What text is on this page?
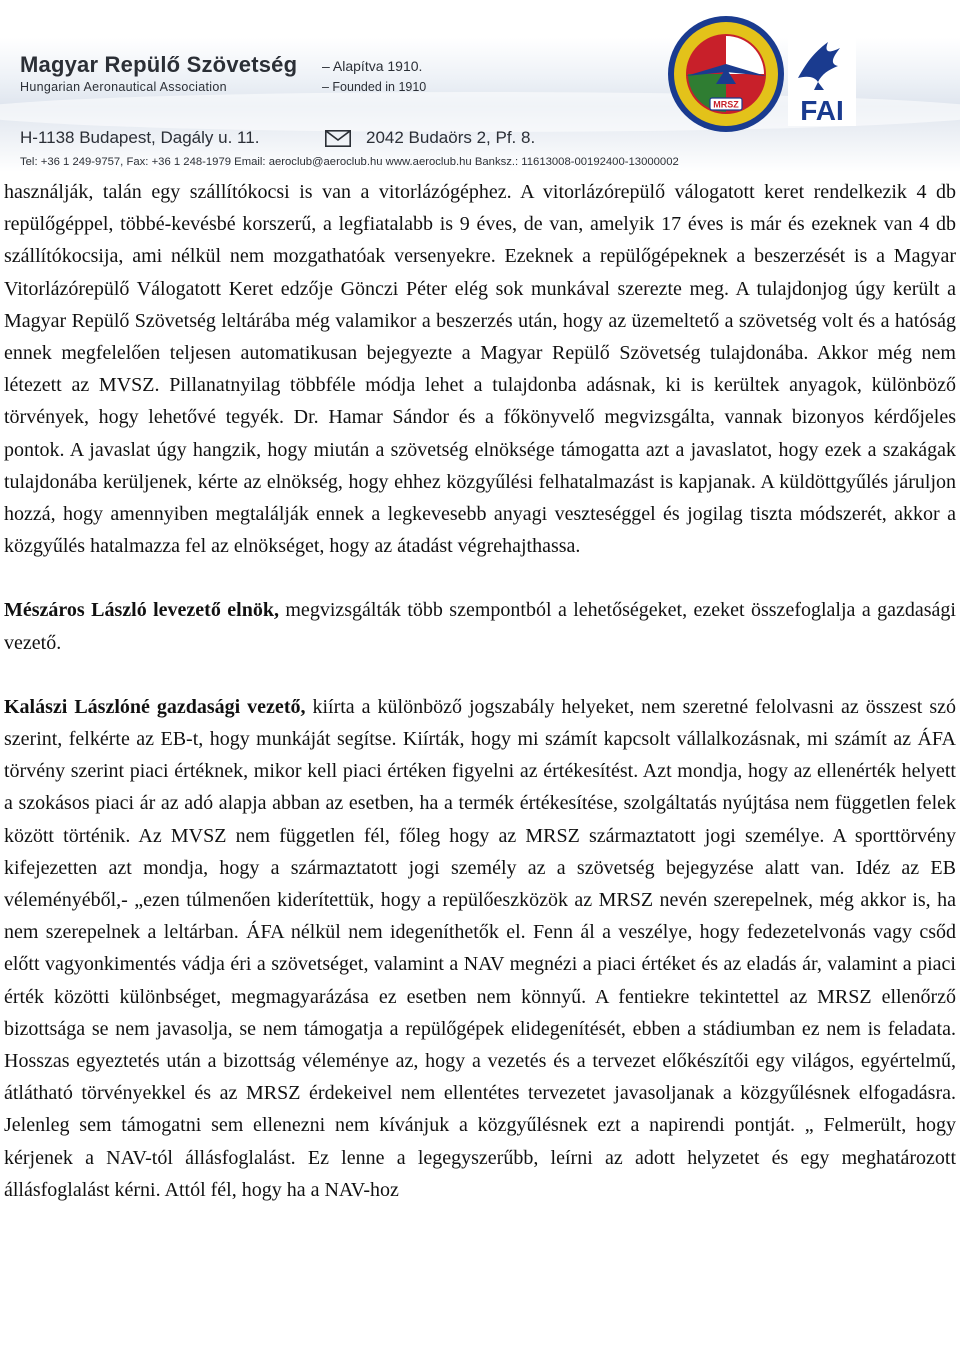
Magyar Repülő Szövetség – Alapítva 1910.
Hungarian Aeronautical Association	– Founded in 1910
H-1138 Budapest, Dagály u. 11.	2042 Budaörs 2, Pf. 8.
Tel: +36 1 249-9757, Fax: +36 1 248-1979 Email: aeroclub@aeroclub.hu www.aeroclub.hu Banksz.: 11613008-00192400-13000002
MRSZ FAI

használják, talán egy szállítókocsi is van a vitorlázógéphez. A vitorlázórepülő válogatott keret rendelkezik 4 db repülőgéppel, többé-kevésbé korszerű, a legfiatalabb is 9 éves, de van, amelyik 17 éves is már és ezeknek van 4 db szállítókocsija, ami nélkül nem mozgathatóak versenyekre. Ezeknek a repülőgépeknek a beszerzését is a Magyar Vitorlázórepülő Válogatott Keret edzője Gönczi Péter elég sok munkával szerezte meg. A tulajdonjog úgy került a Magyar Repülő Szövetség leltárába még valamikor a beszerzés után, hogy az üzemeltető a szövetség volt és a hatóság ennek megfelelően teljesen automatikusan bejegyezte a Magyar Repülő Szövetség tulajdonába. Akkor még nem létezett az MVSZ. Pillanatnyilag többféle módja lehet a tulajdonba adásnak, ki is kerültek anyagok, különböző törvények, hogy lehetővé tegyék. Dr. Hamar Sándor és a főkönyvelő megvizsgálta, vannak bizonyos kérdőjeles pontok. A javaslat úgy hangzik, hogy miután a szövetség elnöksége támogatta azt a javaslatot, hogy ezek a szakágak tulajdonába kerüljenek, kérte az elnökség, hogy ehhez közgyűlési felhatalmazást is kapjanak. A küldöttgyűlés járuljon hozzá, hogy amennyiben megtalálják ennek a legkevesebb anyagi veszteséggel és jogilag tiszta módszerét, akkor a közgyűlés hatalmazza fel az elnökséget, hogy az átadást végrehajthassa.

Mészáros László levezető elnök, megvizsgálták több szempontból a lehetőségeket, ezeket összefoglalja a gazdasági vezető.

Kalászi Lászlóné gazdasági vezető, kiírta a különböző jogszabály helyeket, nem szeretné felolvasni az összest szó szerint, felkérte az EB-t, hogy munkáját segítse. Kiírták, hogy mi számít kapcsolt vállalkozásnak, mi számít az ÁFA törvény szerint piaci értéknek, mikor kell piaci értéken figyelni az értékesítést. Azt mondja, hogy az ellenérték helyett a szokásos piaci ár az adó alapja abban az esetben, ha a termék értékesítése, szolgáltatás nyújtása nem független felek között történik. Az MVSZ nem független fél, főleg hogy az MRSZ származtatott jogi személye. A sporttörvény kifejezetten azt mondja, hogy a származtatott jogi személy az a szövetség bejegyzése alatt van. Idéz az EB véleményéből,- „ezen túlmenően kiderítettük, hogy a repülőeszközök az MRSZ nevén szerepelnek, még akkor is, ha nem szerepelnek a leltárban. ÁFA nélkül nem idegeníthetők el. Fenn ál a veszélye, hogy fedezetelvonás vagy csőd előtt vagyonkimentés vádja éri a szövetséget, valamint a NAV megnézi a piaci értéket és az eladás ár, valamint a piaci érték közötti különbséget, megmagyarázása ez esetben nem könnyű. A fentiekre tekintettel az MRSZ ellenőrző bizottsága se nem javasolja, se nem támogatja a repülőgépek elidegenítését, ebben a stádiumban ez nem is feladata. Hosszas egyeztetés után a bizottság véleménye az, hogy a vezetés és a tervezet előkészítői egy világos, egyértelmű, átlátható törvényekkel és az MRSZ érdekeivel nem ellentétes tervezetet javasoljanak a közgyűlésnek elfogadásra. Jelenleg sem támogatni sem ellenezni nem kívánjuk a közgyűlésnek ezt a napirendi pontját. „ Felmerült, hogy kérjenek a NAV-tól állásfoglalást. Ez lenne a legegyszerűbb, leírni az adott helyzetet és egy meghatározott állásfoglalást kérni. Attól fél, hogy ha a NAV-hoz
